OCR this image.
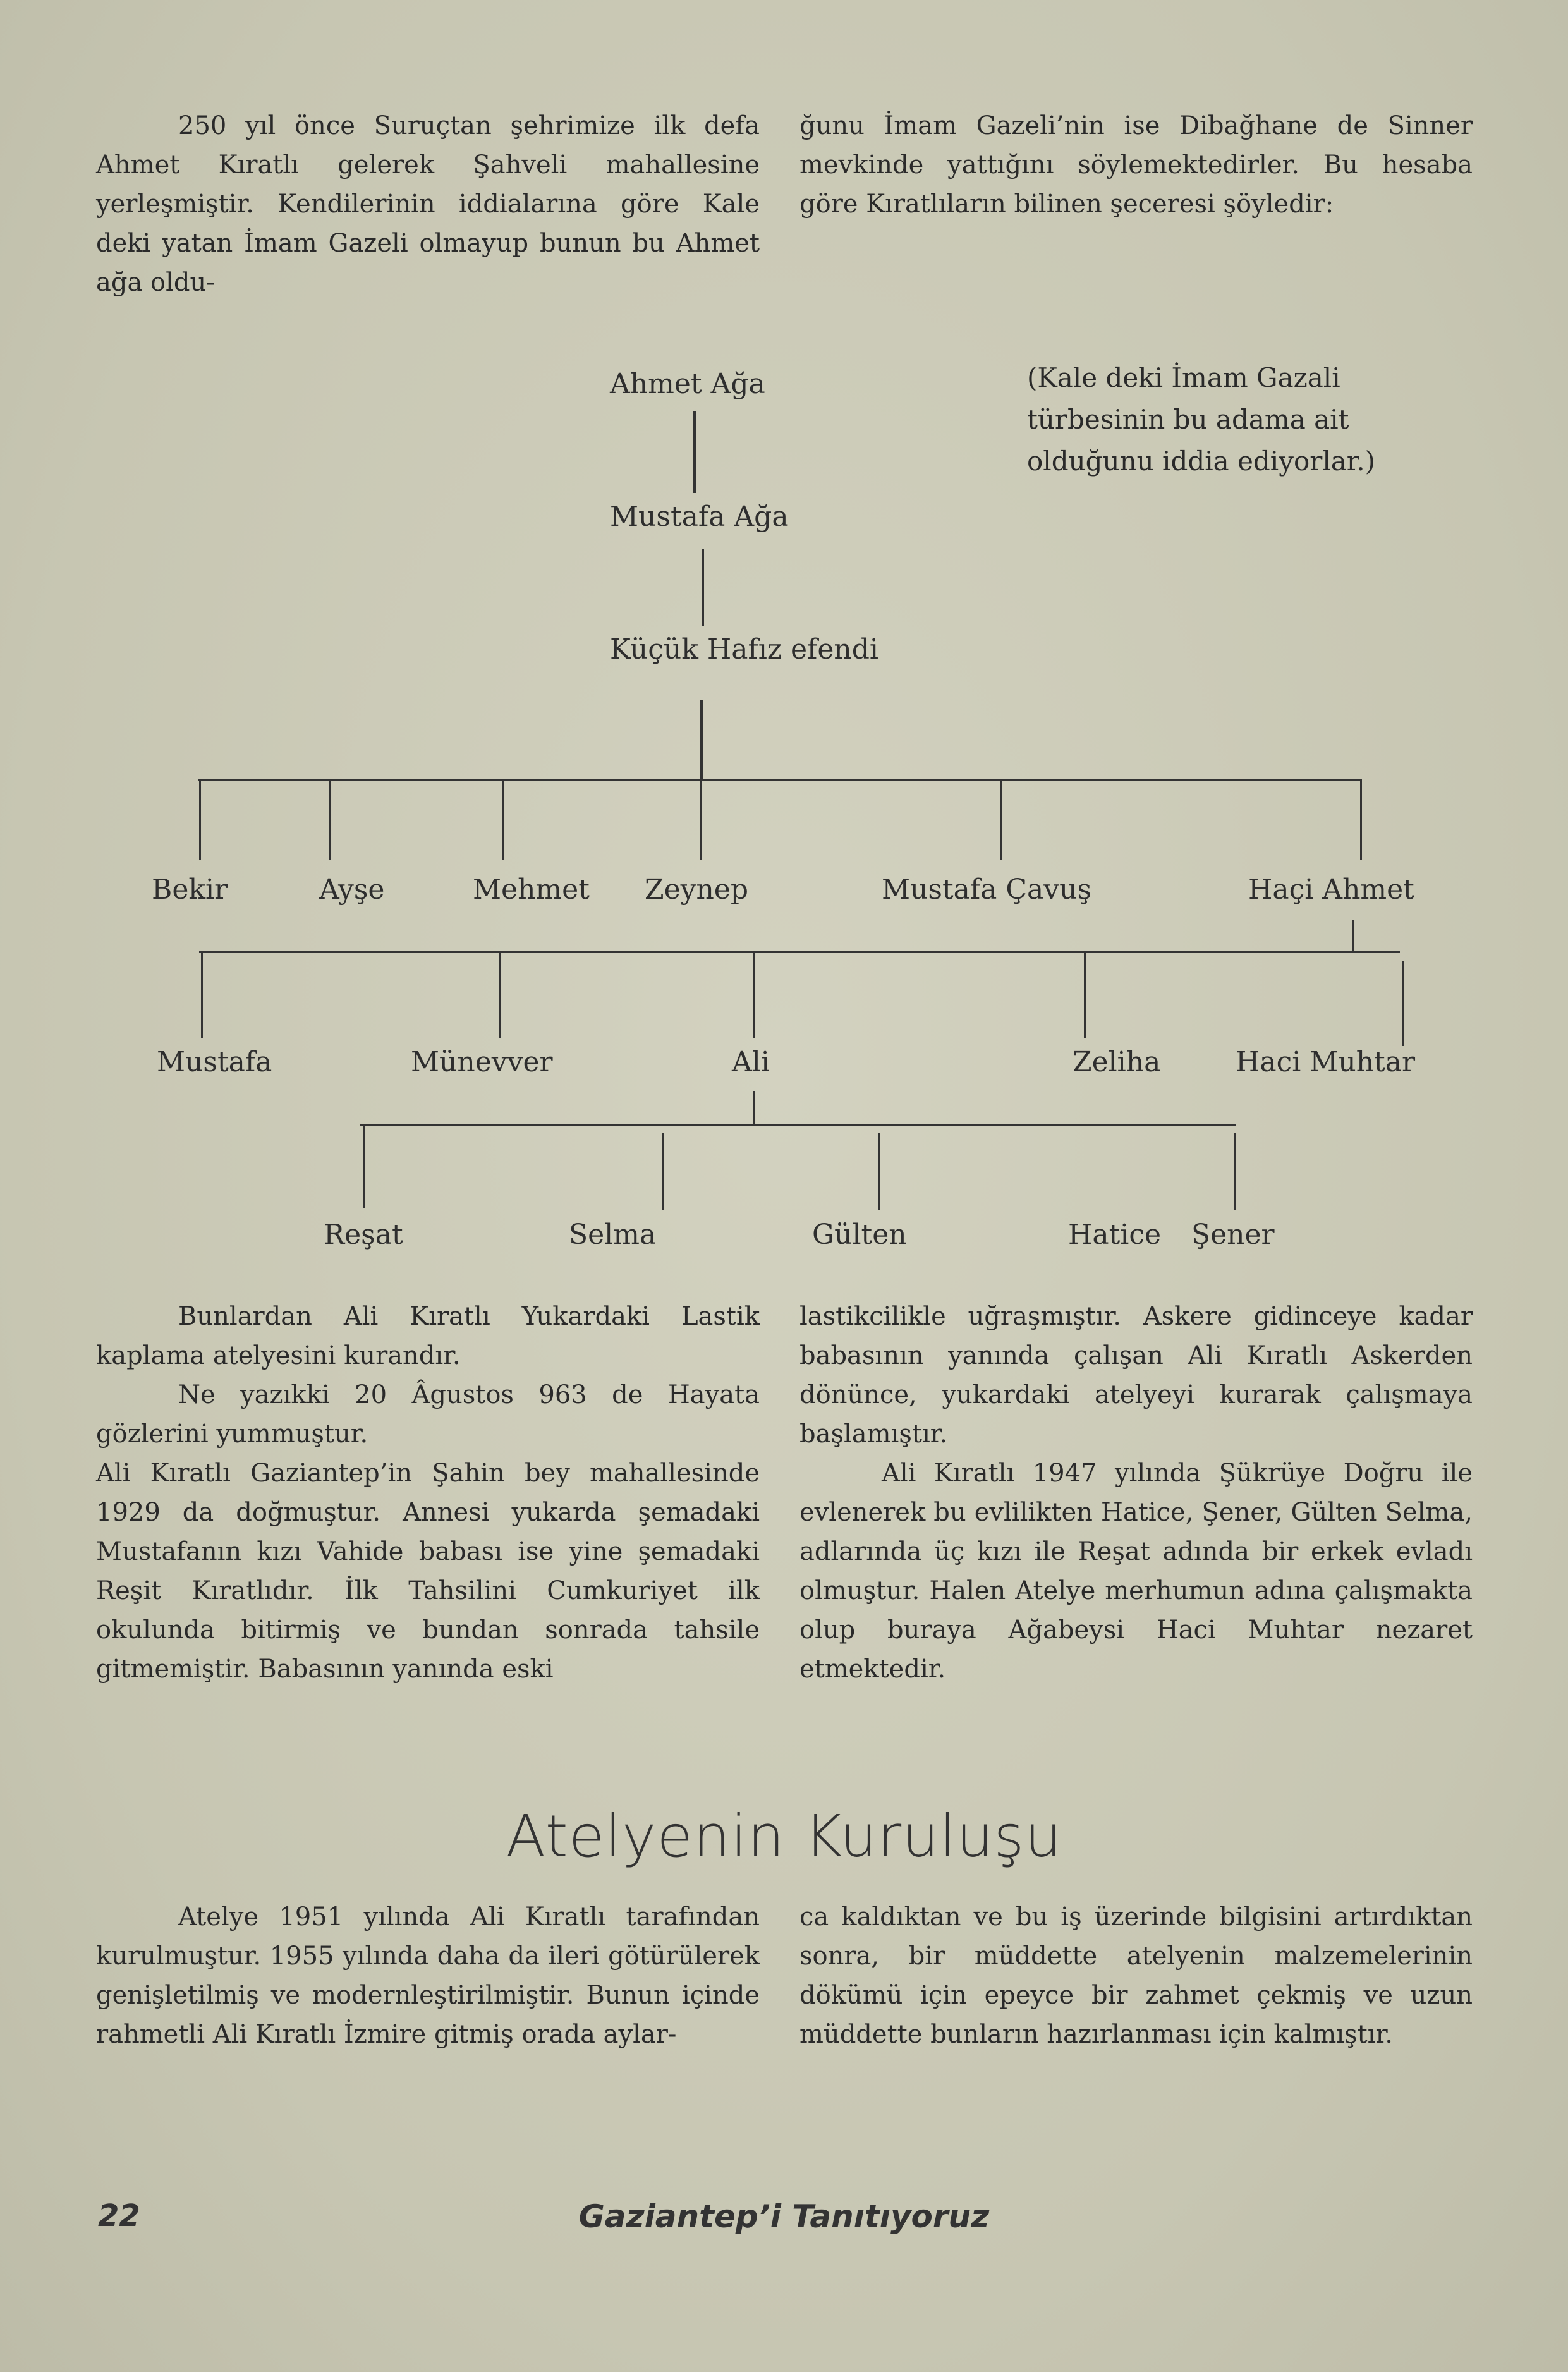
250 yıl önce Suruçtan şehrimize ilk defa Ahmet Kıratlı gelerek Şahveli mahallesine yerleşmiştir. Kendilerinin iddialarına göre Kale deki yatan İmam Gazeli olmayup bunun bu Ahmet ağa oldu-

ğunu İmam Gazeli’nin ise Dibağhane de Sinner mevkinde yattığını söylemektedirler. Bu hesaba göre Kıratlıların bilinen şeceresi şöyledir:

Ahmet Ağa	(Kale deki İmam Gazali türbesinin bu adama ait olduğunu iddia ediyorlar.)
Mustafa Ağa
Küçük Hafız efendi
Bekir	Ayşe	Mehmet Zeynep	Mustafa Çavuş	Haçi Ahmet
Mustafa	Münevver	Ali	Zeliha	Haci Muhtar
Reşat	Selma	Gülten	Hatice Şener

Bunlardan Ali Kıratlı Yukardaki Lastik kaplama atelyesini kurandır.

Ne yazıkki 20 Âgustos 963 de Hayata gözlerini yummuştur.

Ali Kıratlı Gaziantep’in Şahin bey mahallesinde 1929 da doğmuştur. Annesi yukarda şemadaki Mustafanın kızı Vahide babası ise yine şemadaki Reşit Kıratlıdır. İlk Tahsilini Cumkuriyet ilk okulunda bitirmiş ve bundan sonrada tahsile gitmemiştir. Babasının yanında eski

lastikcilikle uğraşmıştır. Askere gidinceye kadar babasının yanında çalışan Ali Kıratlı Askerden dönünce, yukardaki atelyeyi kurarak çalışmaya başlamıştır.

Ali Kıratlı 1947 yılında Şükrüye Doğru ile evlenerek bu evlilikten Hatice, Şener, Gülten Selma, adlarında üç kızı ile Reşat adında bir erkek evladı olmuştur. Halen Atelye merhumun adına çalışmakta olup buraya Ağabeysi Haci Muhtar nezaret etmektedir.

Atelyenin Kuruluşu

Atelye 1951 yılında Ali Kıratlı tarafından kurulmuştur. 1955 yılında daha da ileri götürülerek genişletilmiş ve modernleştirilmiştir. Bunun içinde rahmetli Ali Kıratlı İzmire gitmiş orada aylar-

ca kaldıktan ve bu iş üzerinde bilgisini artırdıktan sonra, bir müddette atelyenin malzemelerinin dökümü için epeyce bir zahmet çekmiş ve uzun müddette bunların hazırlanması için kalmıştır.

22	Gaziantep’i Tanıtıyoruz
